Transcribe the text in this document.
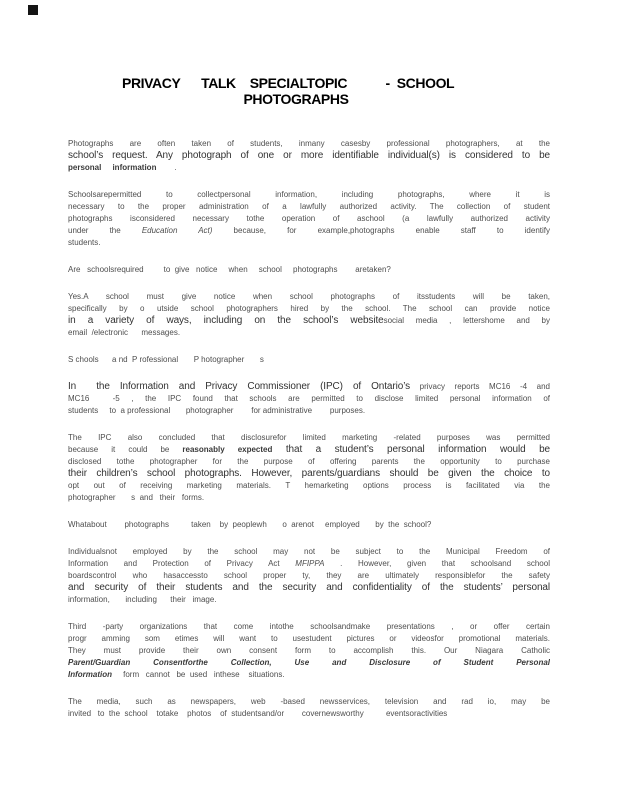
PRIVACY      TALK    SPECIALTOPIC           -  SCHOOL
PHOTOGRAPHS
Photographs are often taken of students, inmany casesby professional photographers, at the
school’s request. Any photograph of one or more identifiable individual(s) is considered to be
personal     information        .
Schoolsarepermitted to collectpersonal information, including photographs, where it is
necessary to the proper administration of a lawfully authorized activity. The collection of student
photographs isconsidered necessary tothe operation of aschool (a lawfully authorized activity
under the Education Act) because, for example,photographs enable staff to identify
students.
Are   schoolsrequired         to  give   notice     when     school     photographs        aretaken?
Yes.A school must give notice when school photographs of itsstudents will be taken,
specifically by o utside school photographers hired by the school. The school can provide notice
in a variety of ways, including on the school’s websitesocial media , lettershome and by
email  /electronic      messages.
S chools      a nd  P rofessional       P hotographer       s
In  the Information and Privacy Commissioner (IPC) of Ontario’s privacy reports MC16 -4 and
MC16  -5 , the IPC found that schools are permitted to disclose limited personal information of
students     to  a professional       photographer        for administrative        purposes.
The IPC also concluded that disclosurefor limited marketing -related purposes was permitted
because it could be reasonably expected that a student’s personal information would be
disclosed tothe photographer for the purpose of offering parents the opportunity to purchase
their children’s school photographs. However, parents/guardians should be given the choice to
opt out of receiving marketing materials. T hemarketing options process is facilitated via the
photographer       s  and   their   forms.
Whatabout        photographs          taken    by  peoplewh       o  arenot     employed       by  the  school?
Individualsnot employed by the school may not be subject to the Municipal Freedom of
Information and Protection of Privacy Act MFIPPA . However, given that schoolsand school
boardscontrol who hasaccessto school proper ty, they are ultimately responsiblefor the safety
and security of their students and the security and confidentiality of the students’ personal
information,       including      their   image.
Third -party organizations that come intothe schoolsandmake presentations , or offer certain
progr amming som etimes will want to usestudent pictures or videosfor promotional materials.
They must provide their own consent form to accomplish this. Our Niagara Catholic
Parent/Guardian Consentforthe Collection, Use and Disclosure of Student Personal
Information     form   cannot   be  used   inthese    situations.
The media, such as newspapers, web -based newsservices, television and rad io, may be
invited   to  the  school    totake    photos    of  studentsand/or        covernewsworthy          eventsoractivities
